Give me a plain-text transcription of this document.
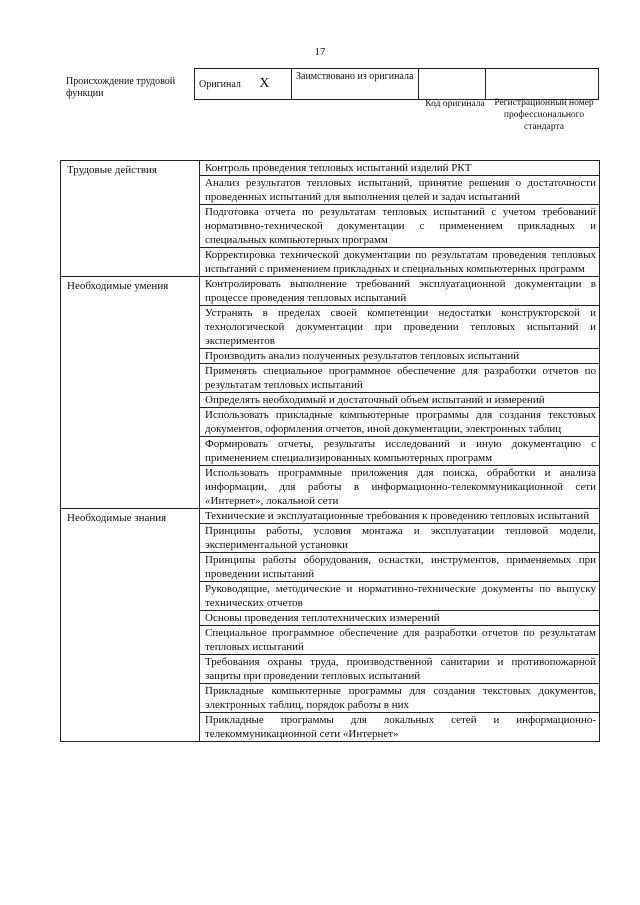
17
Происхождение трудовой функции
Оригинал X	Заимствовано из оригинала		
Код оригинала	Регистрационный номер профессионального стандарта
Трудовые действия	Контроль проведения тепловых испытаний изделий РКТ
	Анализ результатов тепловых испытаний, принятие решения о достаточности проведенных испытаний для выполнения целей и задач испытаний
	Подготовка отчета по результатам тепловых испытаний с учетом требований нормативно-технической документации с применением прикладных и специальных компьютерных программ
	Корректировка технической документации по результатам проведения тепловых испытаний с применением прикладных и специальных компьютерных программ
Необходимые умения	Контролировать выполнение требований эксплуатационной документации в процессе проведения тепловых испытаний
	Устранять в пределах своей компетенции недостатки конструкторской и технологической документации при проведении тепловых испытаний и экспериментов
	Производить анализ полученных результатов тепловых испытаний
	Применять специальное программное обеспечение для разработки отчетов по результатам тепловых испытаний
	Определять необходимый и достаточный объем испытаний и измерений
	Использовать прикладные компьютерные программы для создания текстовых документов, оформления отчетов, иной документации, электронных таблиц
	Формировать отчеты, результаты исследований и иную документацию с применением специализированных компьютерных программ
	Использовать программные приложения для поиска, обработки и анализа информации, для работы в информационно-телекоммуникационной сети «Интернет», локальной сети
Необходимые знания	Технические и эксплуатационные требования к проведению тепловых испытаний
	Принципы работы, условия монтажа и эксплуатации тепловой модели, экспериментальной установки
	Принципы работы оборудования, оснастки, инструментов, применяемых при проведении испытаний
	Руководящие, методические и нормативно-технические документы по выпуску технических отчетов
	Основы проведения теплотехнических измерений
	Специальное программное обеспечение для разработки отчетов по результатам тепловых испытаний
	Требования охраны труда, производственной санитарии и противопожарной защиты при проведении тепловых испытаний
	Прикладные компьютерные программы для создания текстовых документов, электронных таблиц, порядок работы в них
	Прикладные программы для локальных сетей и информационно-телекоммуникационной сети «Интернет»
